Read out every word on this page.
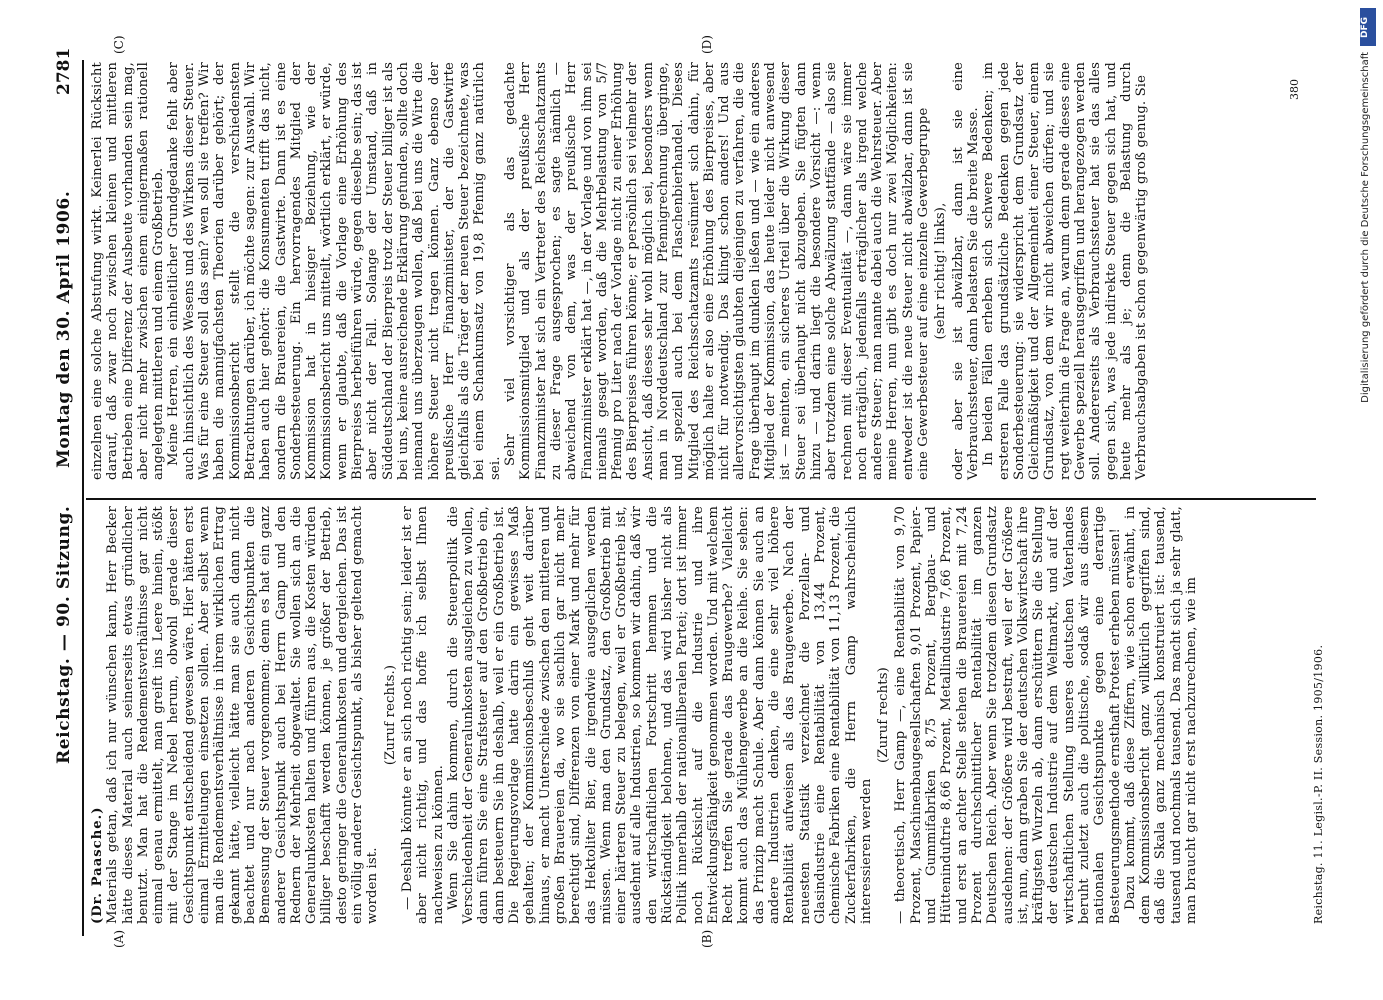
Reichstag. — 90. Sitzung.
Montag den 30. April 1906.
2781
(A)	(B)
(C)	(D)

(Dr. Paasche.) Materials getan, daß ich nur wünschen kann, Herr Becker hätte dieses Material auch seinerseits etwas gründlicher benutzt. Man hat die Rendementsverhältnisse gar nicht einmal genau ermittelt, man greift ins Leere hinein, stößt mit der Stange im Nebel herum, obwohl gerade dieser Gesichtspunkt entscheidend gewesen wäre. Hier hätten erst einmal Ermittelungen einsetzen sollen. Aber selbst wenn man die Rendementsverhältnisse in ihrem wirklichen Ertrag gekannt hätte, vielleicht hätte man sie auch dann nicht beachtet und nur nach anderen Gesichtspunkten die Bemessung der Steuer vorgenommen; denn es hat ein ganz anderer Gesichtspunkt auch bei Herrn Gamp und den Rednern der Mehrheit obgewaltet. Sie wollen sich an die Generalunkosten halten und führen aus, die Kosten würden billiger beschafft werden können, je größer der Betrieb, desto geringer die Generalunkosten und dergleichen. Das ist ein völlig anderer Gesichtspunkt, als bisher geltend gemacht worden ist.

(Zuruf rechts.) — Deshalb könnte er an sich noch richtig sein; leider ist er aber nicht richtig, und das hoffe ich selbst Ihnen nachweisen zu können. Wenn Sie dahin kommen, durch die Steuerpolitik die Verschiedenheit der Generalunkosten ausgleichen zu wollen, dann führen Sie eine Strafsteuer auf den Großbetrieb ein, dann besteuern Sie ihn deshalb, weil er ein Großbetrieb ist. Die Regierungsvorlage hatte darin ein gewisses Maß gehalten; der Kommissionsbeschluß geht weit darüber hinaus, er macht Unterschiede zwischen den mittleren und großen Brauereien da, wo sie sachlich gar nicht mehr berechtigt sind, Differenzen von einer Mark und mehr für das Hektoliter Bier, die irgendwie ausgeglichen werden müssen. Wenn man den Grundsatz, den Großbetrieb mit einer härteren Steuer zu belegen, weil er Großbetrieb ist, ausdehnt auf alle Industrien, so kommen wir dahin, daß wir den wirtschaftlichen Fortschritt hemmen und die Rückständigkeit belohnen, und das wird bisher nicht als Politik innerhalb der nationalliberalen Partei; dort ist immer noch Rücksicht auf die Industrie und ihre Entwicklungsfähigkeit genommen worden. Und mit welchem Recht treffen Sie gerade das Braugewerbe? Vielleicht kommt auch das Mühlengewerbe an die Reihe. Sie sehen: das Prinzip macht Schule. Aber dann können Sie auch an andere Industrien denken, die eine sehr viel höhere Rentabilität aufweisen als das Braugewerbe. Nach der neuesten Statistik verzeichnet die Porzellan- und Glasindustrie eine Rentabilität von 13,44 Prozent, chemische Fabriken eine Rentabilität von 11,13 Prozent, die Zuckerfabriken, die Herrn Gamp wahrscheinlich interessieren werden

(Zuruf rechts) — theoretisch, Herr Gamp —, eine Rentabilität von 9,70 Prozent, Maschinenbaugesellschaften 9,01 Prozent, Papier- und Gummifabriken 8,75 Prozent, Bergbau- und Hütteninduſtrie 8,66 Prozent, Metallindustrie 7,66 Prozent, und erst an achter Stelle stehen die Brauereien mit 7,24 Prozent durchschnittlicher Rentabilität im ganzen Deutschen Reich. Aber wenn Sie trotzdem diesen Grundsatz ausdehnen: der Größere wird bestraft, weil er der Größere ist, nun, dann graben Sie der deutschen Volkswirtschaft ihre kräftigsten Wurzeln ab, dann erschüttern Sie die Stellung der deutschen Industrie auf dem Weltmarkt, und auf der wirtschaftlichen Stellung unseres deutschen Vaterlandes beruht zuletzt auch die politische, sodaß wir aus diesem nationalen Gesichtspunkte gegen eine derartige Besteuerungsmethode ernsthaft Protest erheben müssen! Dazu kommt, daß diese Ziffern, wie schon erwähnt, in dem Kommissionsbericht ganz willkürlich gegriffen sind, daß die Skala ganz mechanisch konstruiert ist: tausend, tausend und nochmals tausend. Das macht sich ja sehr glatt, man braucht gar nicht erst nachzurechnen, wie im

einzelnen eine solche Abstufung wirkt. Keinerlei Rücksicht darauf, daß zwar noch zwischen kleinen und mittleren Betrieben eine Differenz der Ausbeute vorhanden sein mag, aber nicht mehr zwischen einem einigermaßen rationell angelegten mittleren und einem Großbetrieb. Meine Herren, ein einheitlicher Grundgedanke fehlt aber auch hinsichtlich des Wesens und des Wirkens dieser Steuer. Was für eine Steuer soll das sein? wen soll sie treffen? Wir haben die mannigfachsten Theorien darüber gehört; der Kommissionsbericht stellt die verschiedensten Betrachtungen darüber, ich möchte sagen: zur Auswahl. Wir haben auch hier gehört: die Konsumenten trifft das nicht, sondern die Brauereien, die Gastwirte. Dann ist es eine Sonderbesteuerung. Ein hervorragendes Mitglied der Kommission hat in hiesiger Beziehung, wie der Kommissionsbericht uns mitteilt, wörtlich erklärt, er würde, wenn er glaubte, daß die Vorlage eine Erhöhung des Bierpreises herbeiführen würde, gegen dieselbe sein; das ist aber nicht der Fall. Solange der Umstand, daß in Süddeutschland der Bierpreis trotz der Steuer billiger ist als bei uns, keine ausreichende Erklärung gefunden, sollte doch niemand uns überzeugen wollen, daß bei uns die Wirte die höhere Steuer nicht tragen können. Ganz ebenso der preußische Herr Finanzminister, der die Gastwirte gleichfalls als die Träger der neuen Steuer bezeichnete, was bei einem Schankumsatz von 19,8 Pfennig ganz natürlich sei.

Sehr viel vorsichtiger als das gedachte Kommissionsmitglied und als der preußische Herr Finanzminister hat sich ein Vertreter des Reichsschatzamts zu dieser Frage ausgesprochen; es sagte nämlich — abweichend von dem, was der preußische Herr Finanzminister erklärt hat —, in der Vorlage und von ihm sei niemals gesagt worden, daß die Mehrbelastung von 5/7 Pfennig pro Liter nach der Vorlage nicht zu einer Erhöhung des Bierpreises führen könne; er persönlich sei vielmehr der Ansicht, daß dieses sehr wohl möglich sei, besonders wenn man in Norddeutschland zur Pfennigrechnung überginge, und speziell auch bei dem Flaschenbierhandel. Dieses Mitglied des Reichsschatzamts resümiert sich dahin, für möglich halte er also eine Erhöhung des Bierpreises, aber nicht für notwendig. Das klingt schon anders! Und aus allervorsichtigsten glaubten diejenigen zu verfahren, die die Frage überhaupt im dunklen ließen und — wie ein anderes Mitglied der Kommission, das heute leider nicht anwesend ist — meinten, ein sicheres Urteil über die Wirkung dieser Steuer sei überhaupt nicht abzugeben. Sie fügten dann hinzu — und darin liegt die besondere Vorsicht —: wenn aber trotzdem eine solche Abwälzung stattfände — also sie rechnen mit dieser Eventualität —, dann wäre sie immer noch erträglich, jedenfalls erträglicher als irgend welche andere Steuer; man nannte dabei auch die Wehrsteuer. Aber meine Herren, nun gibt es doch nur zwei Möglichkeiten: entweder ist die neue Steuer nicht abwälzbar, dann ist sie eine Gewerbesteuer auf eine einzelne Gewerbegruppe (sehr richtig! links), oder aber sie ist abwälzbar, dann ist sie eine Verbrauchssteuer, dann belasten Sie die breite Masse. In beiden Fällen erheben sich schwere Bedenken; im ersteren Falle das grundsätzliche Bedenken gegen jede Sonderbesteuerung: sie widerspricht dem Grundsatz der Gleichmäßigkeit und der Allgemeinheit einer Steuer, einem Grundsatz, von dem wir nicht abweichen dürfen; und sie regt weiterhin die Frage an, warum denn gerade dieses eine Gewerbe speziell herausgegriffen und herangezogen werden soll. Andererseits als Verbrauchssteuer hat sie das alles gegen sich, was jede indirekte Steuer gegen sich hat, und heute mehr als je; denn die Belastung durch Verbrauchsabgaben ist schon gegenwärtig groß genug. Sie

Reichstag. 11. Legisl.-P. II. Session. 1905/1906.
380
DFG
Digitalisierung gefördert durch die Deutsche Forschungsgemeinschaft
